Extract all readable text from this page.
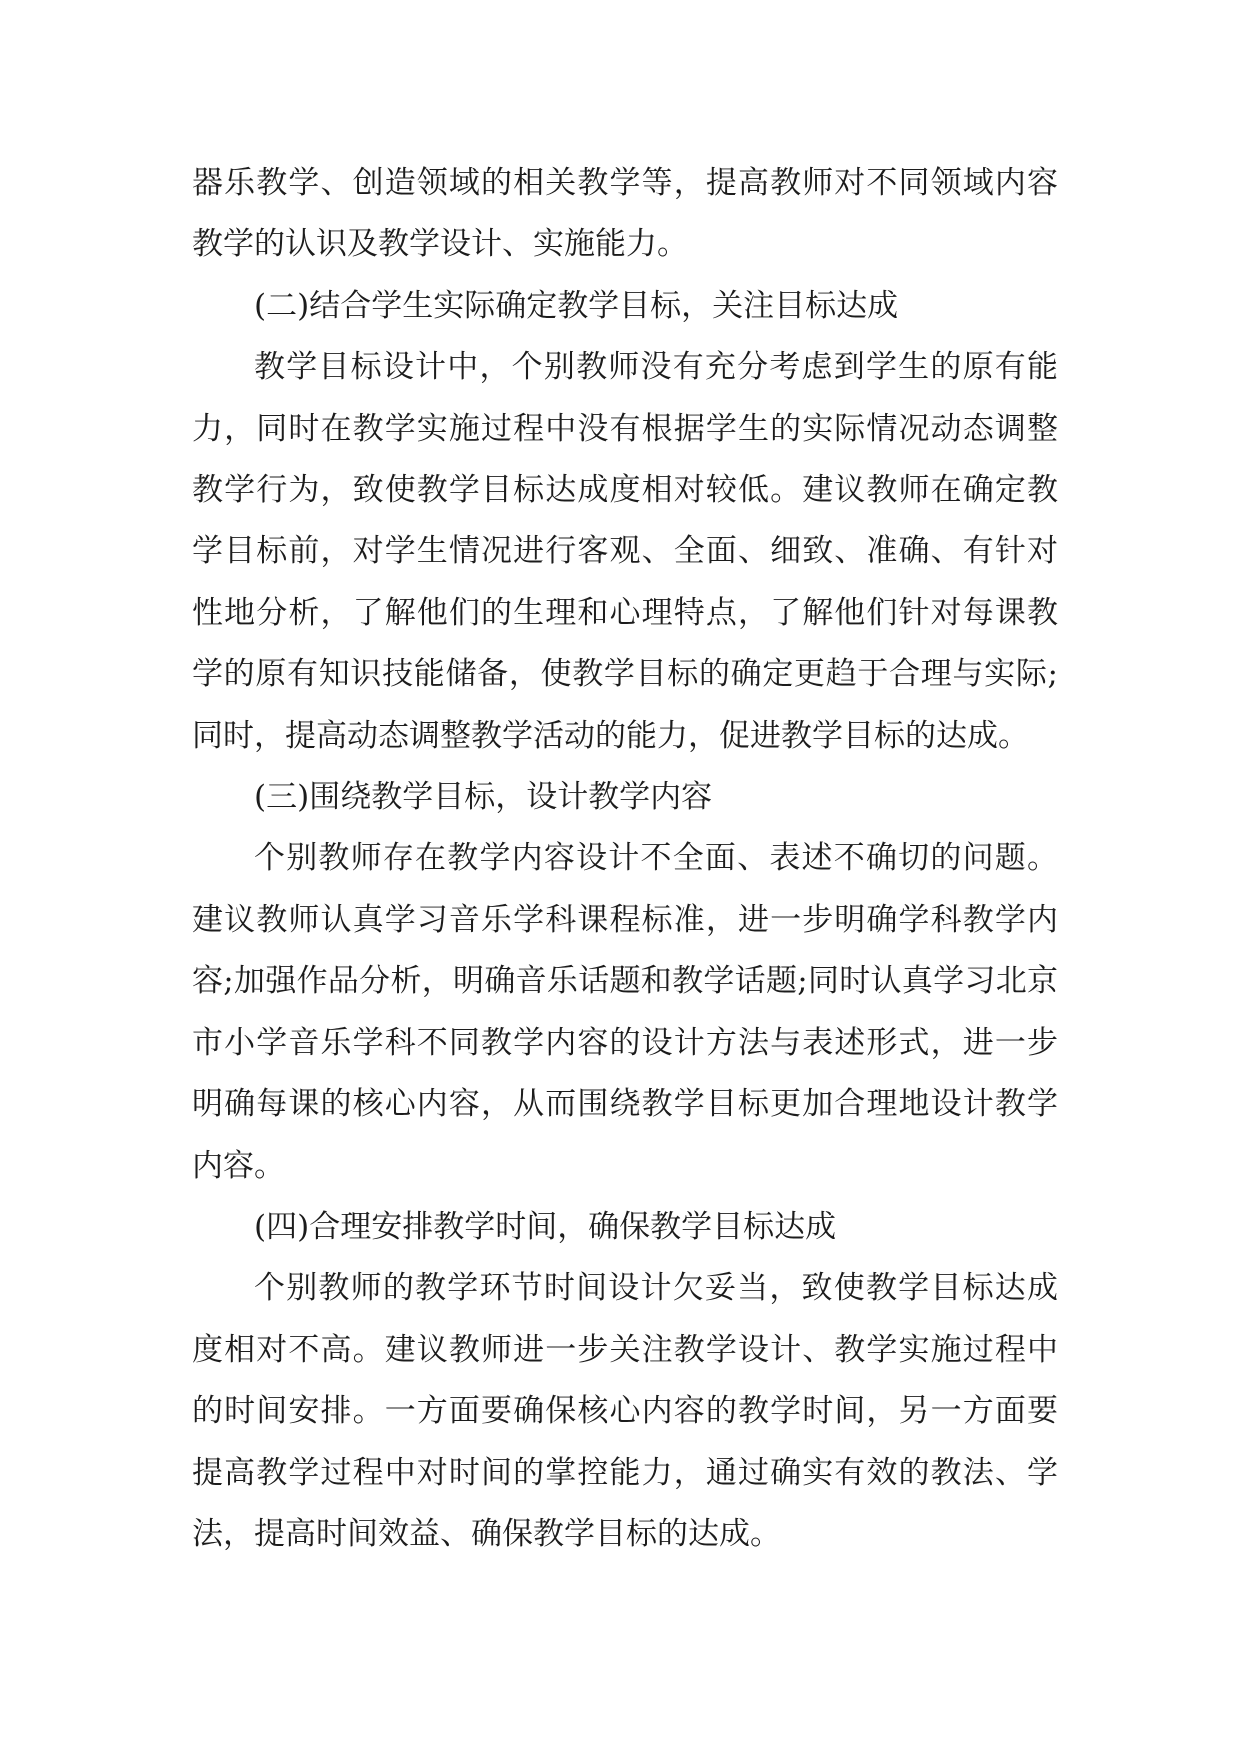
器乐教学、创造领域的相关教学等，提高教师对不同领域内容教学的认识及教学设计、实施能力。

(二)结合学生实际确定教学目标，关注目标达成

教学目标设计中，个别教师没有充分考虑到学生的原有能力，同时在教学实施过程中没有根据学生的实际情况动态调整教学行为，致使教学目标达成度相对较低。建议教师在确定教学目标前，对学生情况进行客观、全面、细致、准确、有针对性地分析，了解他们的生理和心理特点，了解他们针对每课教学的原有知识技能储备，使教学目标的确定更趋于合理与实际;同时，提高动态调整教学活动的能力，促进教学目标的达成。

(三)围绕教学目标，设计教学内容

个别教师存在教学内容设计不全面、表述不确切的问题。建议教师认真学习音乐学科课程标准，进一步明确学科教学内容;加强作品分析，明确音乐话题和教学话题;同时认真学习北京市小学音乐学科不同教学内容的设计方法与表述形式，进一步明确每课的核心内容，从而围绕教学目标更加合理地设计教学内容。

(四)合理安排教学时间，确保教学目标达成

个别教师的教学环节时间设计欠妥当，致使教学目标达成度相对不高。建议教师进一步关注教学设计、教学实施过程中的时间安排。一方面要确保核心内容的教学时间，另一方面要提高教学过程中对时间的掌控能力，通过确实有效的教法、学法，提高时间效益、确保教学目标的达成。
